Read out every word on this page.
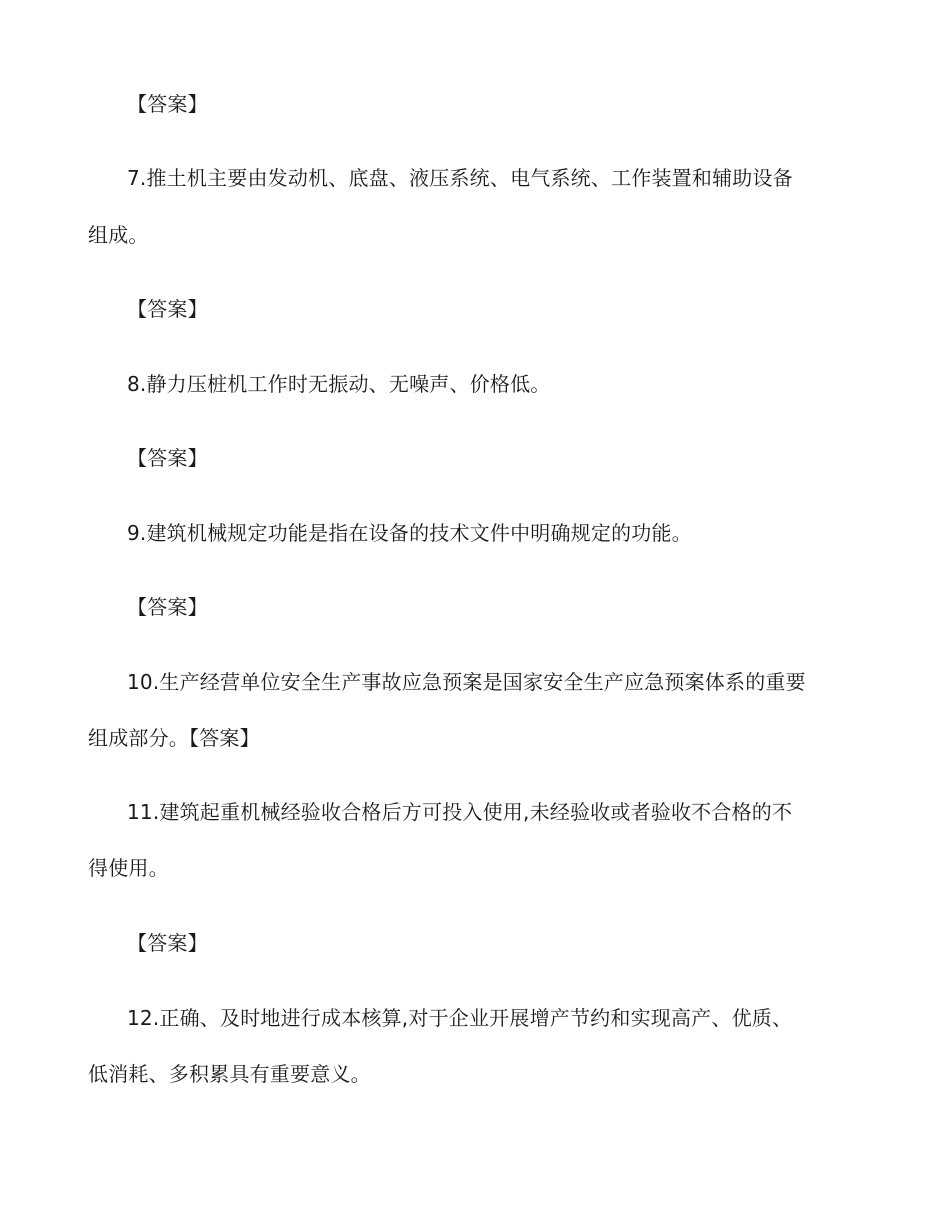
【答案】
7.推土机主要由发动机、底盘、液压系统、电气系统、工作装置和辅助设备
组成。
【答案】
8.静力压桩机工作时无振动、无噪声、价格低。
【答案】
9.建筑机械规定功能是指在设备的技术文件中明确规定的功能。
【答案】
10.生产经营单位安全生产事故应急预案是国家安全生产应急预案体系的重要
组成部分。【答案】
11.建筑起重机械经验收合格后方可投入使用,未经验收或者验收不合格的不
得使用。
【答案】
12.正确、及时地进行成本核算,对于企业开展增产节约和实现高产、优质、
低消耗、多积累具有重要意义。
